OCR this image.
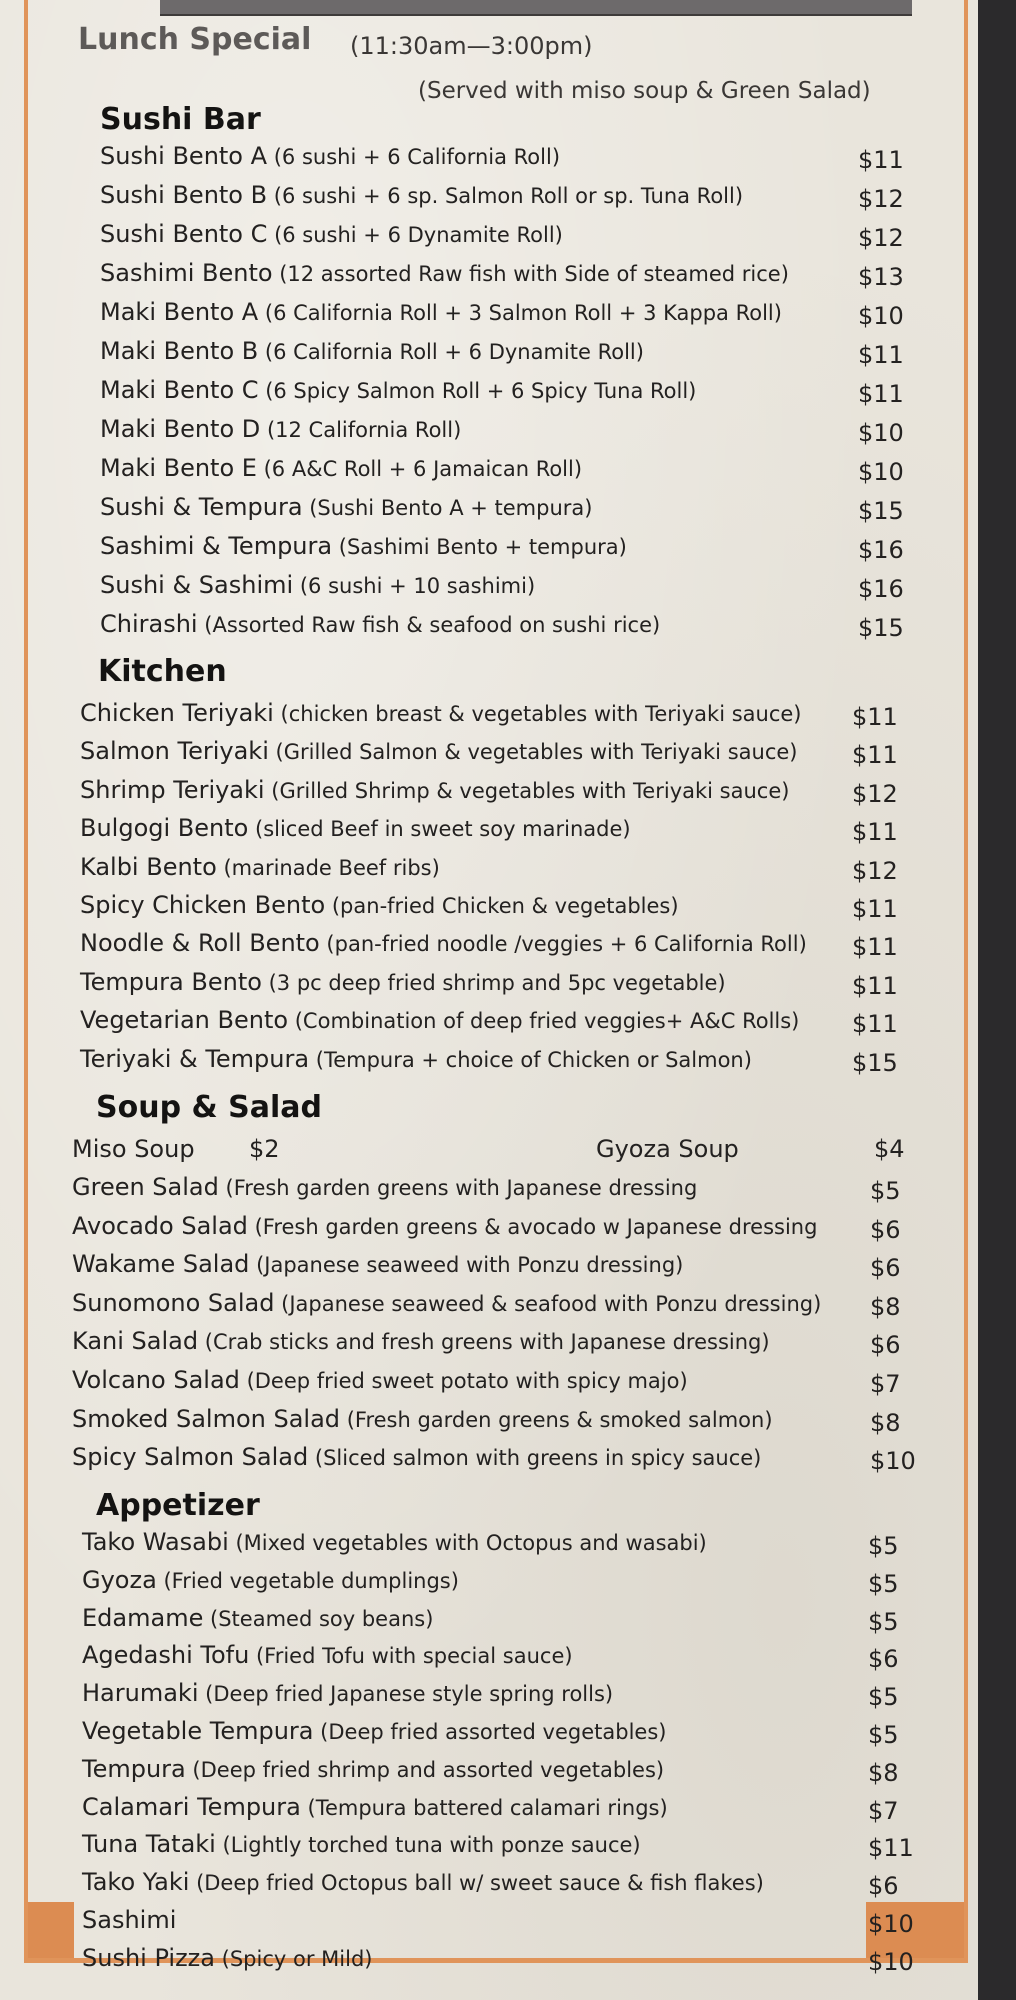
Lunch Special (11:30am—3:00pm)
(Served with miso soup & Green Salad)
Sushi Bar
Sushi Bento A (6 sushi + 6 California Roll)	$11
Sushi Bento B (6 sushi + 6 sp. Salmon Roll or sp. Tuna Roll)	$12
Sushi Bento C (6 sushi + 6 Dynamite Roll)	$12
Sashimi Bento (12 assorted Raw fish with Side of steamed rice)	$13
Maki Bento A (6 California Roll + 3 Salmon Roll + 3 Kappa Roll)	$10
Maki Bento B (6 California Roll + 6 Dynamite Roll)	$11
Maki Bento C (6 Spicy Salmon Roll + 6 Spicy Tuna Roll)	$11
Maki Bento D (12 California Roll)	$10
Maki Bento E (6 A&C Roll + 6 Jamaican Roll)	$10
Sushi & Tempura (Sushi Bento A + tempura)	$15
Sashimi & Tempura (Sashimi Bento + tempura)	$16
Sushi & Sashimi (6 sushi + 10 sashimi)	$16
Chirashi (Assorted Raw fish & seafood on sushi rice)	$15
Kitchen
Chicken Teriyaki (chicken breast & vegetables with Teriyaki sauce) $11
Salmon Teriyaki (Grilled Salmon & vegetables with Teriyaki sauce) $11
Shrimp Teriyaki (Grilled Shrimp & vegetables with Teriyaki sauce)	$12
Bulgogi Bento (sliced Beef in sweet soy marinade)	$11
Kalbi Bento (marinade Beef ribs)	$12
Spicy Chicken Bento (pan-fried Chicken & vegetables)	$11
Noodle & Roll Bento (pan-fried noodle /veggies + 6 California Roll) $11
Tempura Bento (3 pc deep fried shrimp and 5pc vegetable)	$11
Vegetarian Bento (Combination of deep fried veggies+ A&C Rolls) $11
Teriyaki & Tempura (Tempura + choice of Chicken or Salmon)	$15
Soup & Salad
Miso Soup $2	Gyoza Soup	$4
Green Salad (Fresh garden greens with Japanese dressing	$5
Avocado Salad (Fresh garden greens & avocado w Japanese dressing $6
Wakame Salad (Japanese seaweed with Ponzu dressing)	$6
Sunomono Salad (Japanese seaweed & seafood with Ponzu dressing) $8
Kani Salad (Crab sticks and fresh greens with Japanese dressing)	$6
Volcano Salad (Deep fried sweet potato with spicy majo)	$7
Smoked Salmon Salad (Fresh garden greens & smoked salmon)	$8
Spicy Salmon Salad (Sliced salmon with greens in spicy sauce)	$10
Appetizer
Tako Wasabi (Mixed vegetables with Octopus and wasabi)	$5
Gyoza (Fried vegetable dumplings)	$5
Edamame (Steamed soy beans)	$5
Agedashi Tofu (Fried Tofu with special sauce)	$6
Harumaki (Deep fried Japanese style spring rolls)	$5
Vegetable Tempura (Deep fried assorted vegetables)	$5
Tempura (Deep fried shrimp and assorted vegetables)	$8
Calamari Tempura (Tempura battered calamari rings)	$7
Tuna Tataki (Lightly torched tuna with ponze sauce)	$11
Tako Yaki (Deep fried Octopus ball w/ sweet sauce & fish flakes)	$6
Sashimi	$10
Sushi Pizza (Spicy or Mild)	$10
